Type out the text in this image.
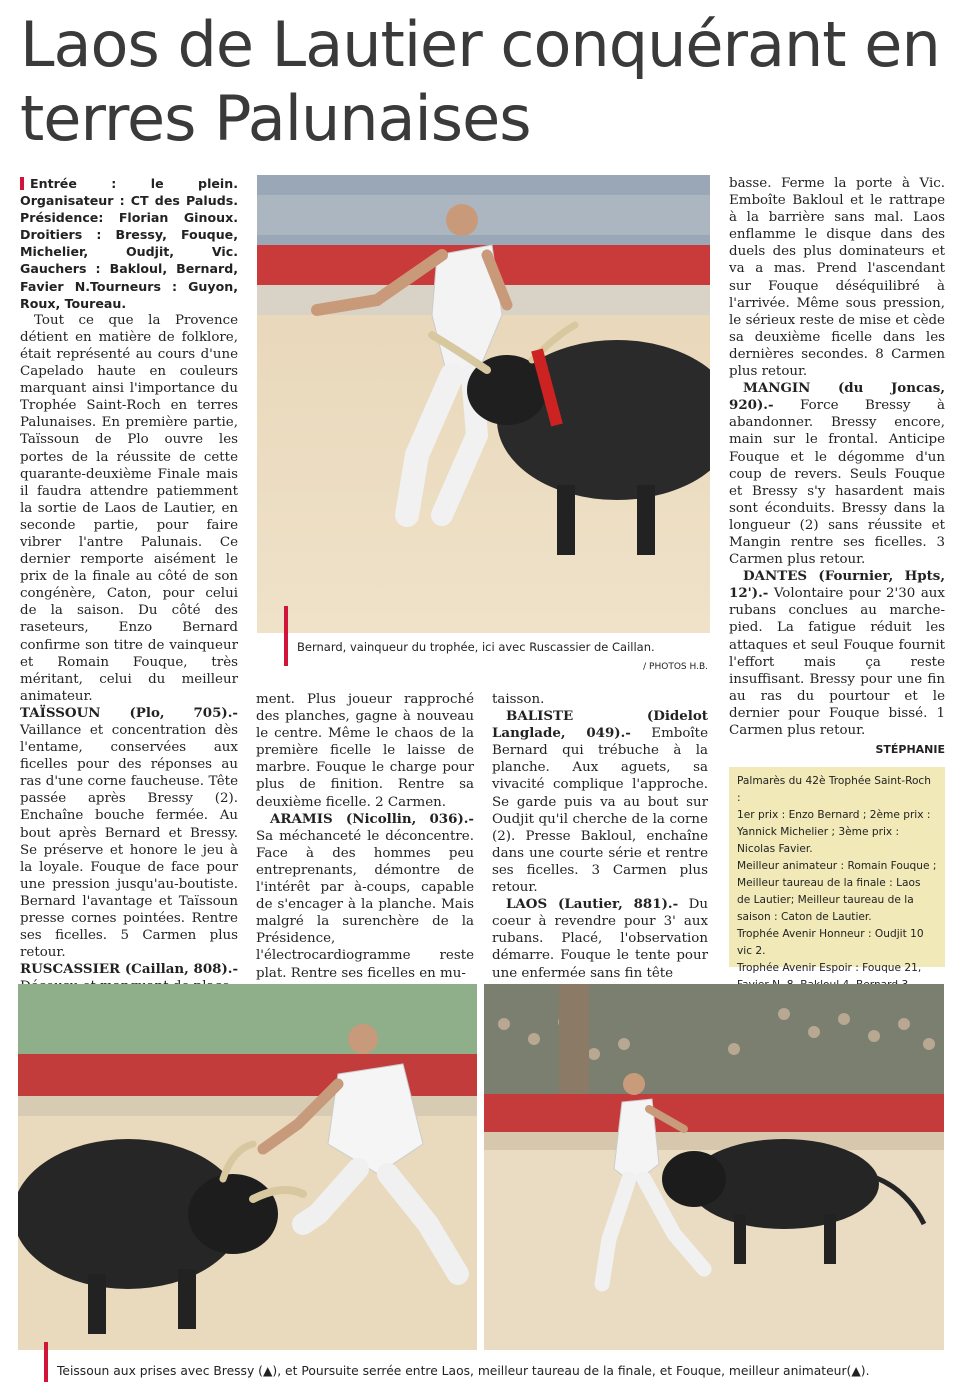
Laos de Lautier conquérant en terres Palunaises

Entrée : le plein. Organisateur : CT des Paluds. Présidence: Florian Ginoux. Droitiers : Bressy, Fouque, Michelier, Oudjit, Vic. Gauchers : Bakloul, Bernard, Favier N.Tourneurs : Guyon, Roux, Toureau.

Tout ce que la Provence détient en matière de folklore, était représenté au cours d'une Capelado haute en couleurs marquant ainsi l'importance du Trophée Saint-Roch en terres Palunaises. En première partie, Taïssoun de Plo ouvre les portes de la réussite de cette quarante-deuxième Finale mais il faudra attendre patiemment la sortie de Laos de Lautier, en seconde partie, pour faire vibrer l'antre Palunais. Ce dernier remporte aisément le prix de la finale au côté de son congénère, Caton, pour celui de la saison. Du côté des raseteurs, Enzo Bernard confirme son titre de vainqueur et Romain Fouque, très méritant, celui du meilleur animateur.

TAÏSSOUN (Plo, 705).- Vaillance et concentration dès l'entame, conservées aux ficelles pour des réponses au ras d'une corne faucheuse. Tête passée après Bressy (2). Enchaîne bouche fermée. Au bout après Bernard et Bressy. Se préserve et honore le jeu à la loyale. Fouque de face pour une pression jusqu'au-boutiste. Bernard l'avantage et Taïssoun presse cornes pointées. Rentre ses ficelles. 5 Carmen plus retour.

RUSCASSIER (Caillan, 808).-

Bernard, vainqueur du trophée, ici avec Ruscassier de Caillan.
/ PHOTOS H.B.

basse. Ferme la porte à Vic. Emboîte Bakloul et le rattrape à la barrière sans mal. Laos enflamme le disque dans des duels des plus dominateurs et va a mas. Prend l'ascendant sur Fouque déséquilibré à l'arrivée. Même sous pression, le sérieux reste de mise et cède sa deuxième ficelle dans les dernières secondes. 8 Carmen plus retour.

MANGIN (du Joncas, 920).- Force Bressy à abandonner. Bressy encore, main sur le frontal. Anticipe Fouque et le dégomme d'un coup de revers. Seuls Fouque et Bressy s'y hasardent mais sont éconduits. Bressy dans la longueur (2) sans réussite et Mangin rentre ses ficelles. 3 Carmen plus retour.

DANTES (Fournier, Hpts, 12').- Volontaire pour 2'30 aux rubans conclues au marche-pied. La fatigue réduit les attaques et seul Fouque fournit l'effort mais ça reste insuffisant. Bressy pour une fin au ras du pourtour et le dernier pour Fouque bissé. 1 Carmen plus retour.

STÉPHANIE

Palmarès du 42è Trophée Saint-Roch :

1er prix : Enzo Bernard ; 2ème prix : Yannick Michelier ; 3ème prix : Nicolas Favier.

Meilleur animateur : Romain Fouque ;

Meilleur taureau de la finale : Laos de Lautier; Meilleur taureau de la saison : Caton de Lautier.

Trophée Avenir Honneur : Oudjit 10 vic 2.

Trophée Avenir Espoir : Fouque 21,

ment. Plus joueur rapproché des planches, gagne à nouveau le centre. Même le chaos de la première ficelle le laisse de marbre. Fouque le charge pour plus de finition. Rentre sa deuxième ficelle. 2 Carmen.

ARAMIS (Nicollin, 036).- Sa méchanceté le déconcentre. Face à des hommes peu entreprenants, démontre de l'intérêt par à-coups, capable de s'encager à la planche. Mais malgré la surenchère de la Présidence, l'électrocardiogramme reste plat. Rentre ses ficelles en mu-

taisson.

BALISTE (Didelot Langlade, 049).- Emboîte Bernard qui trébuche à la planche. Aux aguets, sa vivacité complique l'approche. Se garde puis va au bout sur Oudjit qu'il cherche de la corne (2). Presse Bakloul, enchaîne dans une courte série et rentre ses ficelles. 3 Carmen plus retour.

LAOS (Lautier, 881).- Du coeur à revendre pour 3' aux rubans. Placé, l'observation démarre. Fouque le tente pour une enfermée sans fin tête

Teissoun aux prises avec Bressy (▲), et Poursuite serrée entre Laos, meilleur taureau de la finale, et Fouque, meilleur animateur(▲).
